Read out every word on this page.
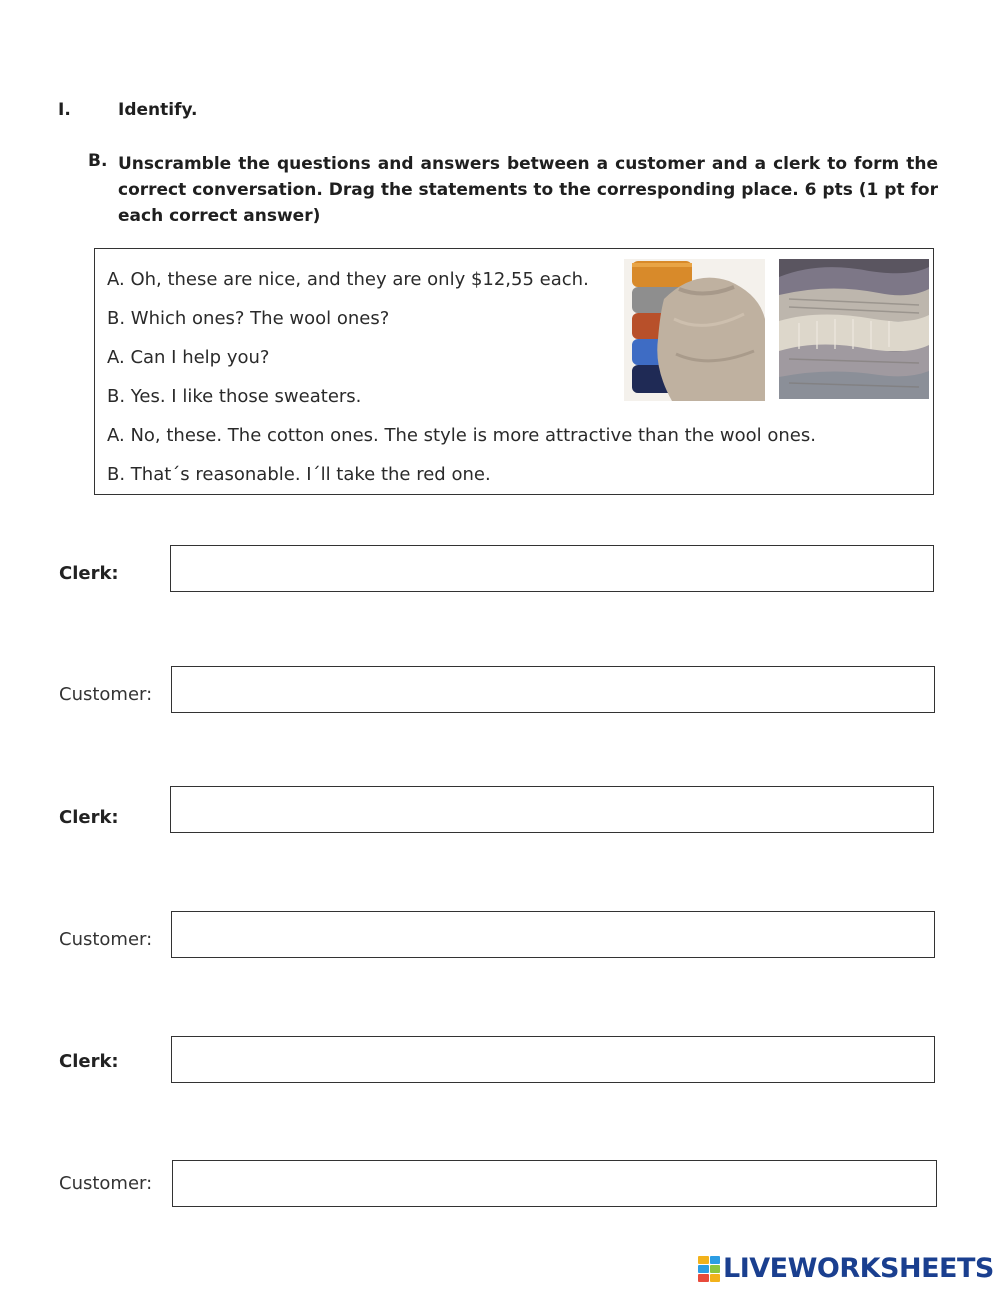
I.	Identify.
B. Unscramble the questions and answers between a customer and a clerk to form the correct conversation. Drag the statements to the corresponding place. 6 pts (1 pt for each correct answer)
A. Oh, these are nice, and they are only $12,55 each.
B. Which ones? The wool ones?
A. Can I help you?
B. Yes. I like those sweaters.
A. No, these. The cotton ones. The style is more attractive than the wool ones.
B. That´s reasonable. I´ll take the red one.
Clerk:
Customer:
Clerk:
Customer:
Clerk:
Customer:
LIVEWORKSHEETS
